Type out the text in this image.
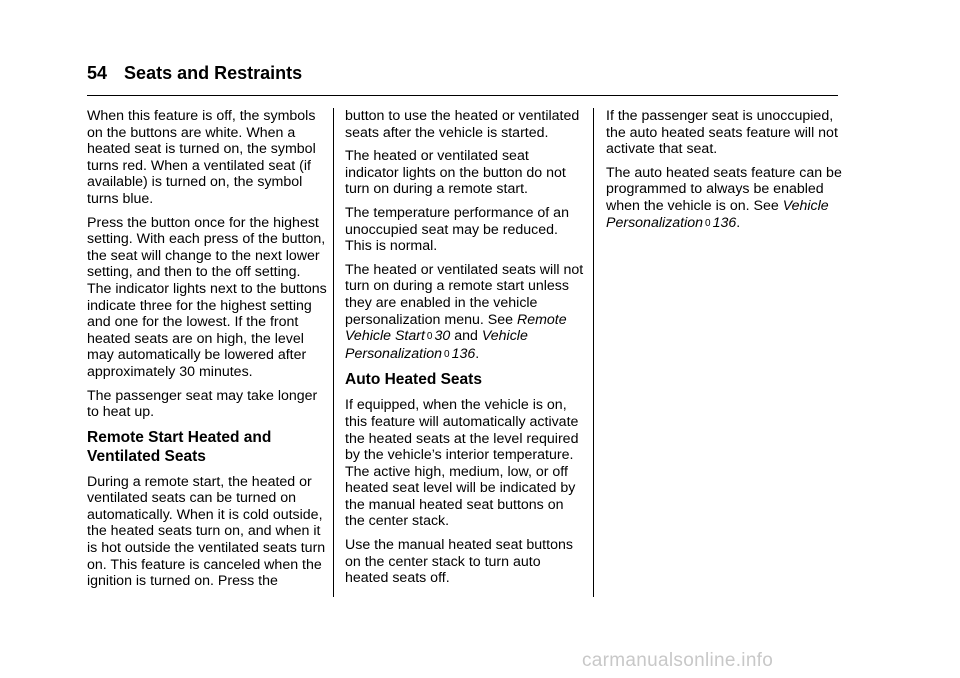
54 Seats and Restraints

When this feature is off, the symbols on the buttons are white. When a heated seat is turned on, the symbol turns red. When a ventilated seat (if available) is turned on, the symbol turns blue.

Press the button once for the highest setting. With each press of the button, the seat will change to the next lower setting, and then to the off setting. The indicator lights next to the buttons indicate three for the highest setting and one for the lowest. If the front heated seats are on high, the level may automatically be lowered after approximately 30 minutes.

The passenger seat may take longer to heat up.

Remote Start Heated and Ventilated Seats

During a remote start, the heated or ventilated seats can be turned on automatically. When it is cold outside, the heated seats turn on, and when it is hot outside the ventilated seats turn on. This feature is canceled when the ignition is turned on. Press the

button to use the heated or ventilated seats after the vehicle is started.

The heated or ventilated seat indicator lights on the button do not turn on during a remote start.

The temperature performance of an unoccupied seat may be reduced. This is normal.

The heated or ventilated seats will not turn on during a remote start unless they are enabled in the vehicle personalization menu. See Remote Vehicle Start 0 30 and Vehicle Personalization 0 136.

Auto Heated Seats

If equipped, when the vehicle is on, this feature will automatically activate the heated seats at the level required by the vehicle’s interior temperature. The active high, medium, low, or off heated seat level will be indicated by the manual heated seat buttons on the center stack.

Use the manual heated seat buttons on the center stack to turn auto heated seats off.

If the passenger seat is unoccupied, the auto heated seats feature will not activate that seat.

The auto heated seats feature can be programmed to always be enabled when the vehicle is on. See Vehicle Personalization 0 136.

carmanualsonline.info
